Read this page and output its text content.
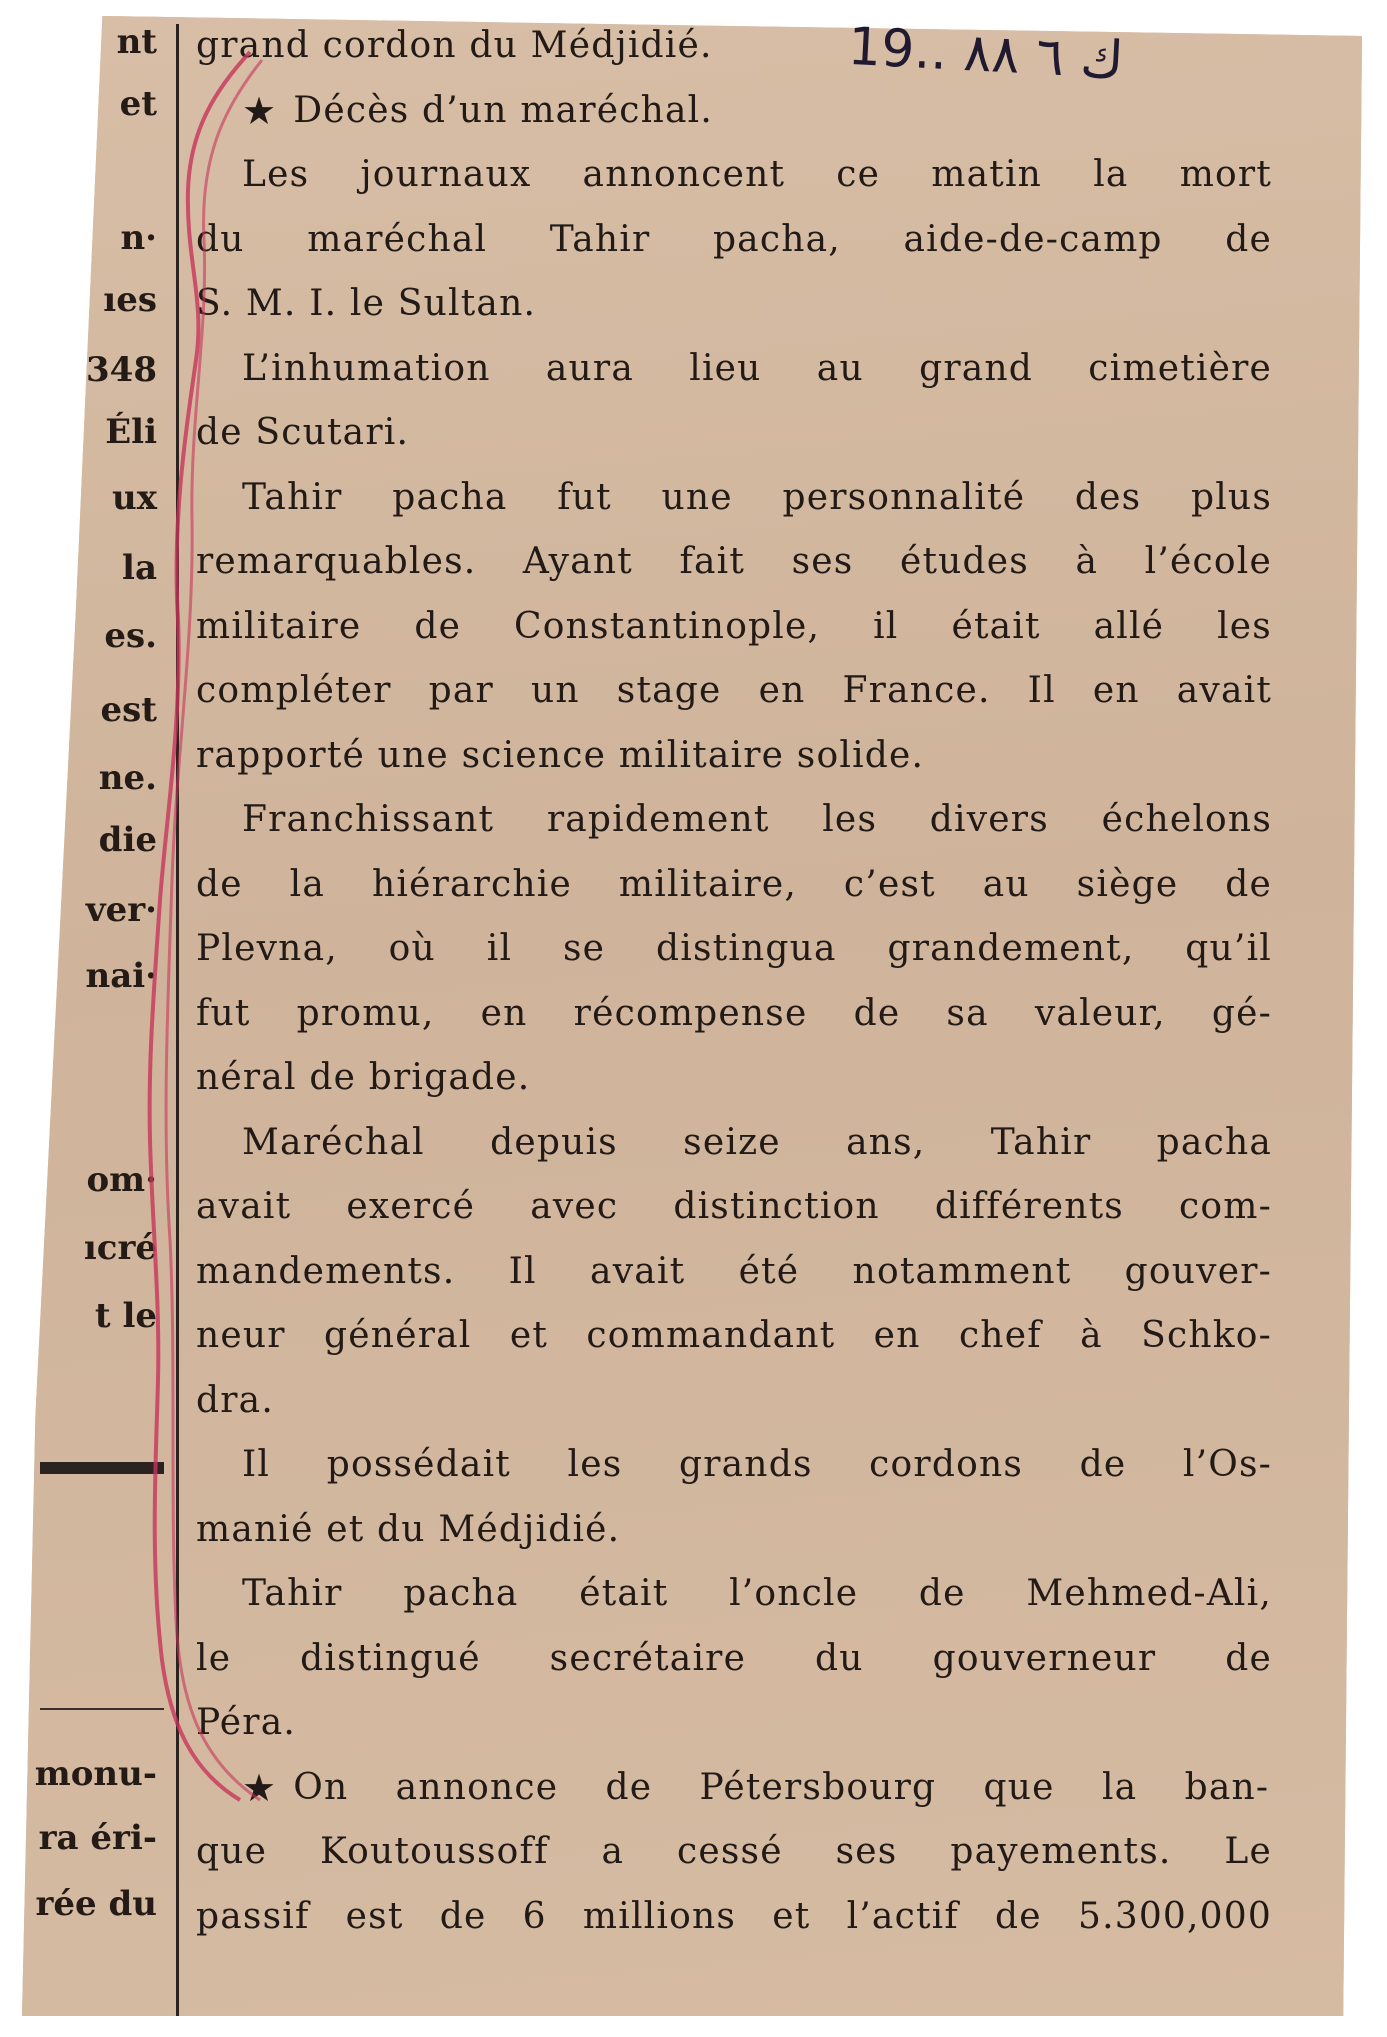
nt
et
n·
ıes
348
Éli
ux
la
es.
est
ne.
die
ver·
nai·
om·
ıcré
t le
monu-
ra éri-
rée du
19.. ك ٦ ٨٨
grand cordon du Médjidié.
★ Décès d’un maréchal.
Les journaux annoncent ce matin la mort
du maréchal Tahir pacha, aide-de-camp de
S. M. I. le Sultan.
L’inhumation aura lieu au grand cimetière
de Scutari.
Tahir pacha fut une personnalité des plus
remarquables. Ayant fait ses études à l’école
militaire de Constantinople, il était allé les
compléter par un stage en France. Il en avait
rapporté une science militaire solide.
Franchissant rapidement les divers échelons
de la hiérarchie militaire, c’est au siège de
Plevna, où il se distingua grandement, qu’il
fut promu, en récompense de sa valeur, gé-
néral de brigade.
Maréchal depuis seize ans, Tahir pacha
avait exercé avec distinction différents com-
mandements. Il avait été notamment gouver-
neur général et commandant en chef à Schko-
dra.
Il possédait les grands cordons de l’Os-
manié et du Médjidié.
Tahir pacha était l’oncle de Mehmed-Ali,
le distingué secrétaire du gouverneur de
Péra.
★ On annonce de Pétersbourg que la ban-
que Koutoussoff a cessé ses payements. Le
passif est de 6 millions et l’actif de 5.300,000
